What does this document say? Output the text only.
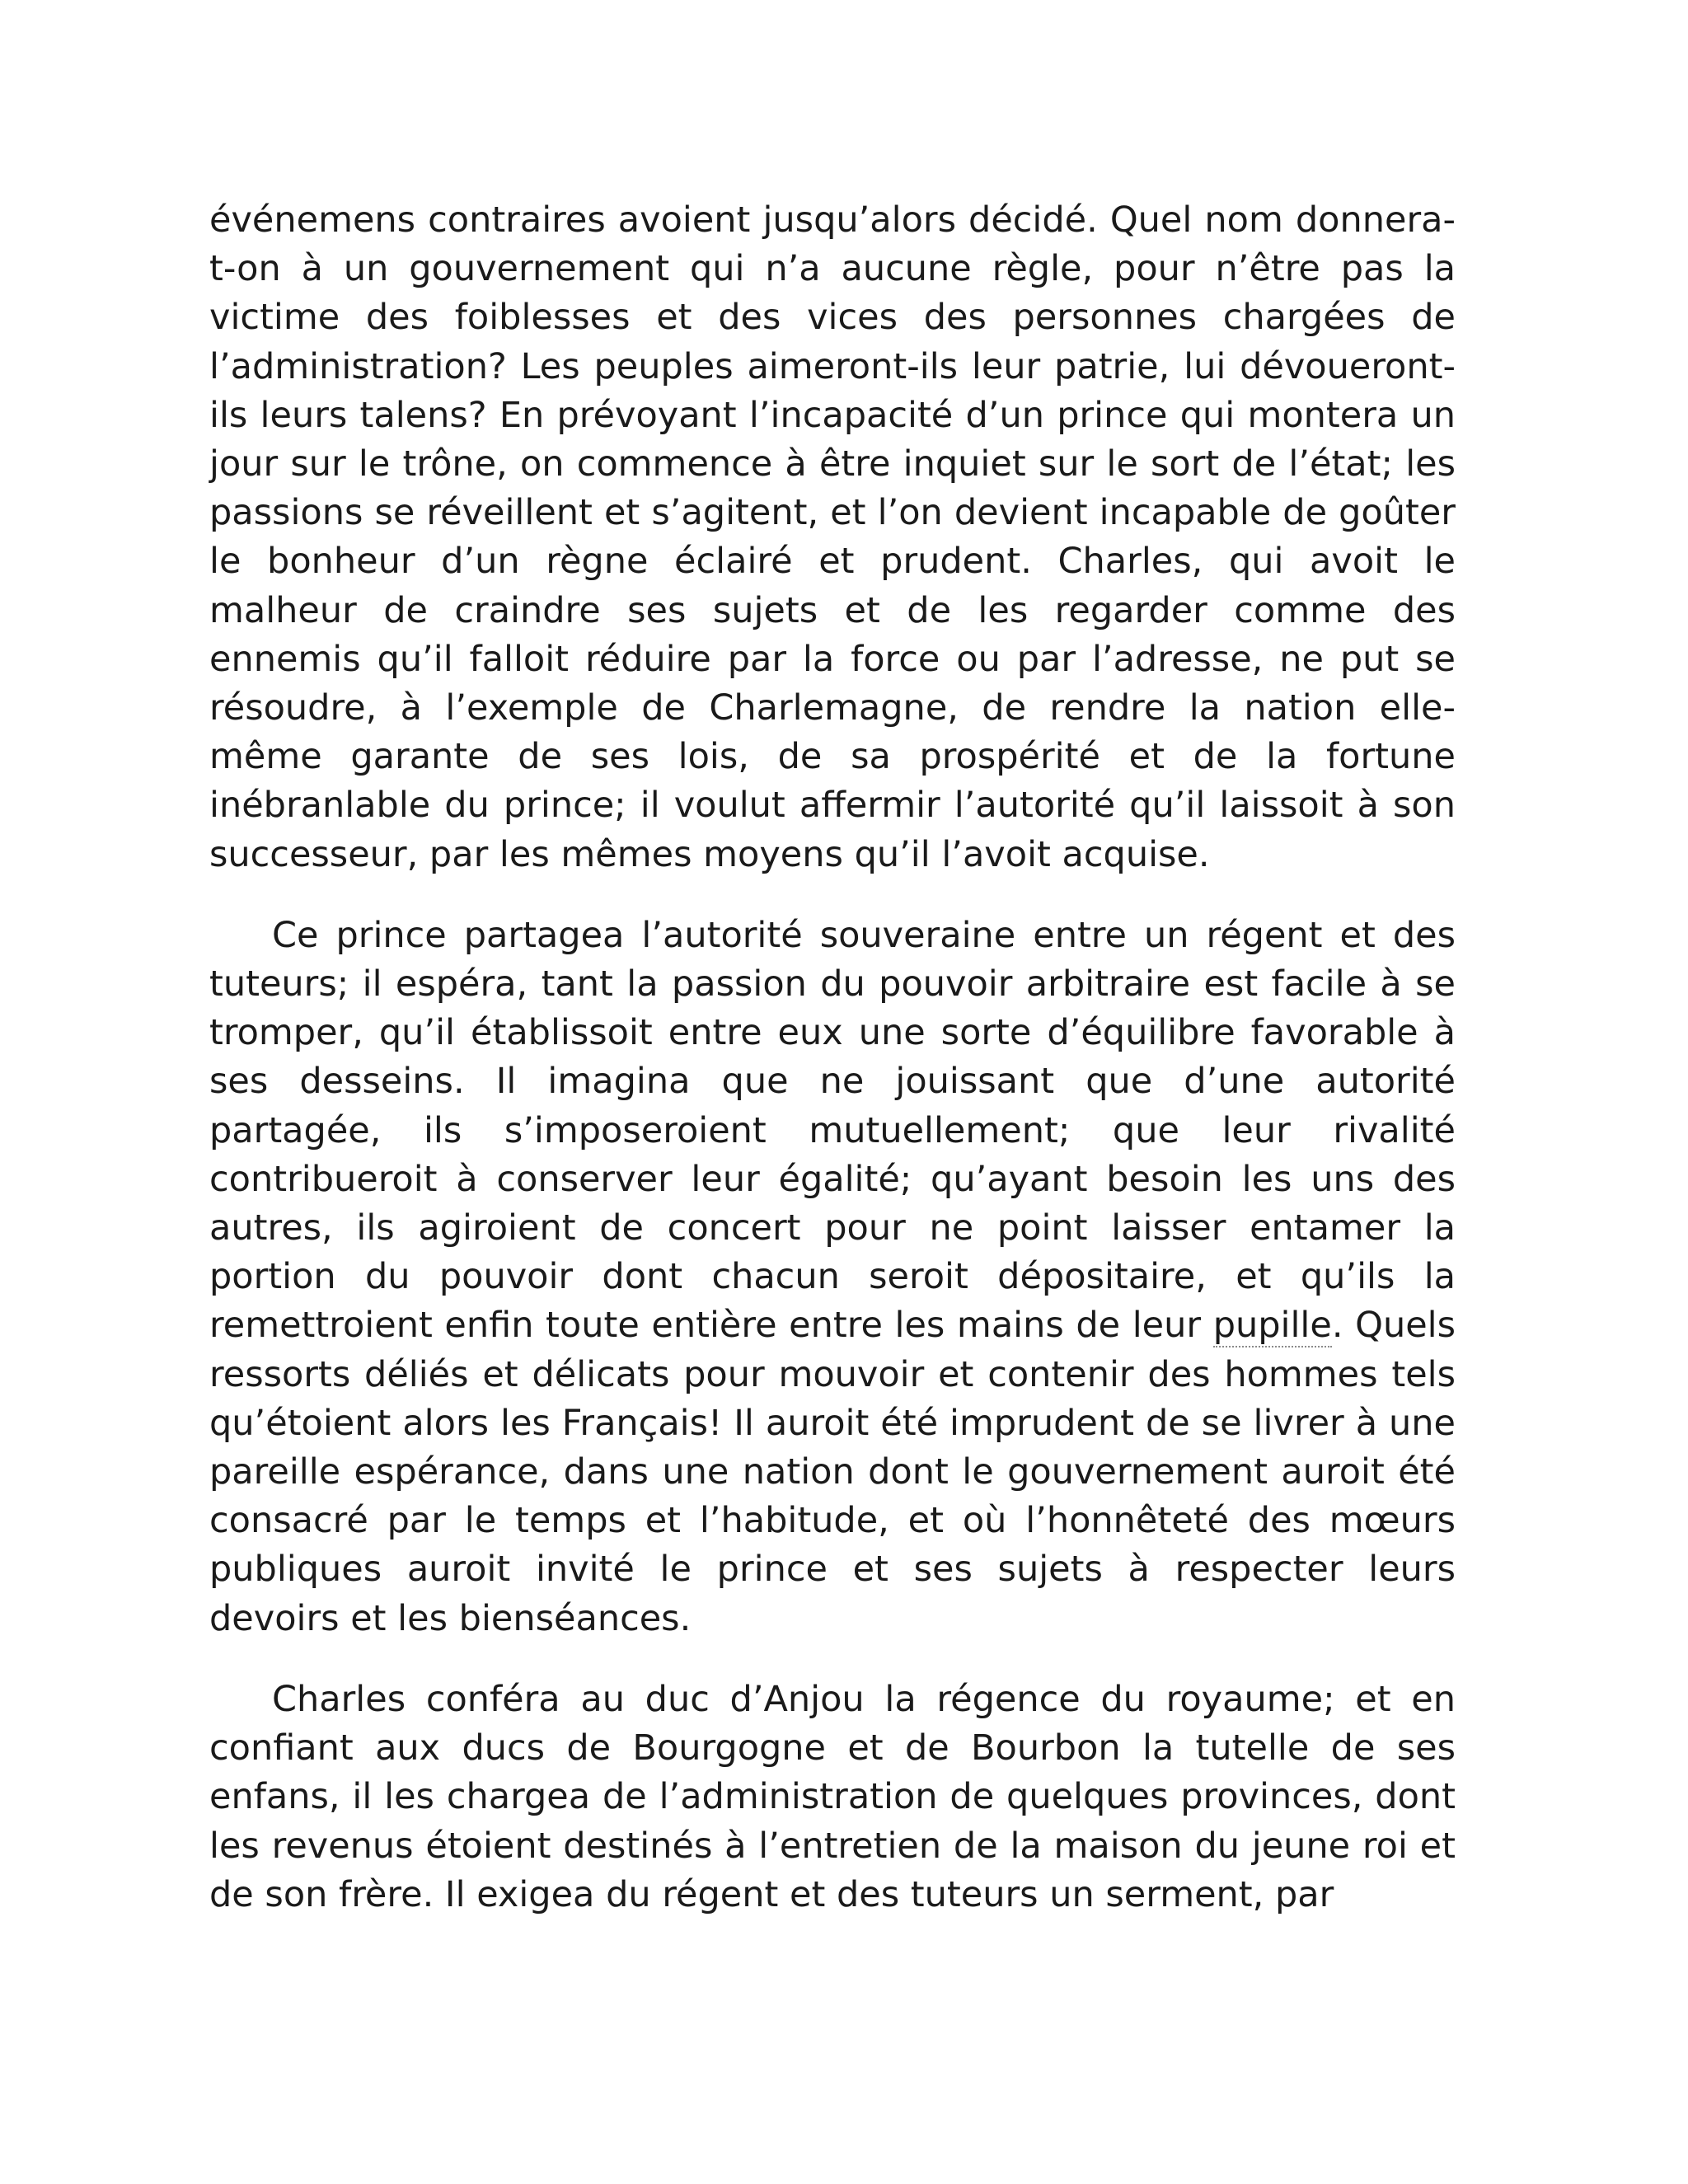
événemens contraires avoient jusqu’alors décidé. Quel nom donnera-t-on à un gouvernement qui n’a aucune règle, pour n’être pas la victime des foiblesses et des vices des personnes chargées de l’administration? Les peuples aimeront-ils leur patrie, lui dévoueront-ils leurs talens? En prévoyant l’incapacité d’un prince qui montera un jour sur le trône, on commence à être inquiet sur le sort de l’état; les passions se réveillent et s’agitent, et l’on devient incapable de goûter le bonheur d’un règne éclairé et prudent. Charles, qui avoit le malheur de craindre ses sujets et de les regarder comme des ennemis qu’il falloit réduire par la force ou par l’adresse, ne put se résoudre, à l’exemple de Charlemagne, de rendre la nation elle-même garante de ses lois, de sa prospérité et de la fortune inébranlable du prince; il voulut affermir l’autorité qu’il laissoit à son successeur, par les mêmes moyens qu’il l’avoit acquise.

Ce prince partagea l’autorité souveraine entre un régent et des tuteurs; il espéra, tant la passion du pouvoir arbitraire est facile à se tromper, qu’il établissoit entre eux une sorte d’équilibre favorable à ses desseins. Il imagina que ne jouissant que d’une autorité partagée, ils s’imposeroient mutuellement; que leur rivalité contribueroit à conserver leur égalité; qu’ayant besoin les uns des autres, ils agiroient de concert pour ne point laisser entamer la portion du pouvoir dont chacun seroit dépositaire, et qu’ils la remettroient enfin toute entière entre les mains de leur pupille. Quels ressorts déliés et délicats pour mouvoir et contenir des hommes tels qu’étoient alors les Français! Il auroit été imprudent de se livrer à une pareille espérance, dans une nation dont le gouvernement auroit été consacré par le temps et l’habitude, et où l’honnêteté des mœurs publiques auroit invité le prince et ses sujets à respecter leurs devoirs et les bienséances.

Charles conféra au duc d’Anjou la régence du royaume; et en confiant aux ducs de Bourgogne et de Bourbon la tutelle de ses enfans, il les chargea de l’administration de quelques provinces, dont les revenus étoient destinés à l’entretien de la maison du jeune roi et de son frère. Il exigea du régent et des tuteurs un serment, par
